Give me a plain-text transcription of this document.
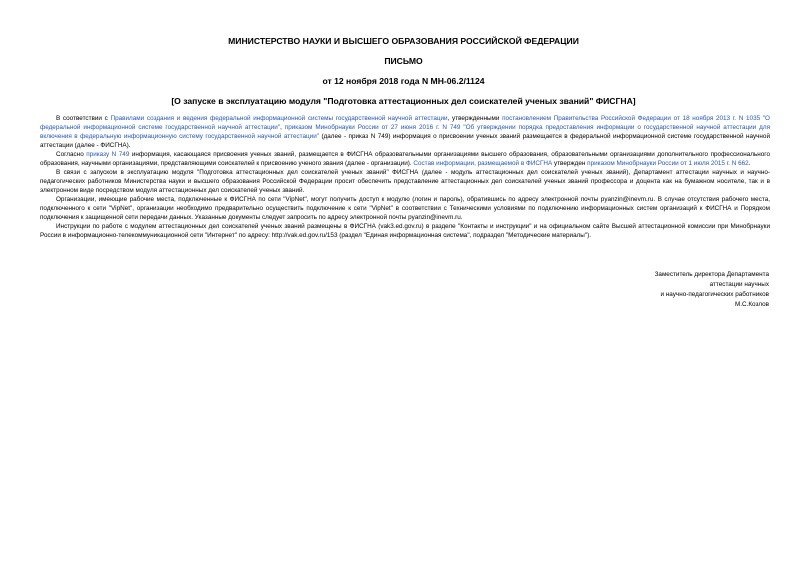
МИНИСТЕРСТВО НАУКИ И ВЫСШЕГО ОБРАЗОВАНИЯ РОССИЙСКОЙ ФЕДЕРАЦИИ
ПИСЬМО
от 12 ноября 2018 года N МН-06.2/1124
[О запуске в эксплуатацию модуля "Подготовка аттестационных дел соискателей ученых званий" ФИСГНА]

В соответствии с Правилами создания и ведения федеральной информационной системы государственной научной аттестации, утвержденными постановлением Правительства Российской Федерации от 18 ноября 2013 г. N 1035 "О федеральной информационной системе государственной научной аттестации", приказом Минобрнауки России от 27 июня 2016 г. N 749 "Об утверждении порядка предоставления информации о государственной научной аттестации для включения в федеральную информационную систему государственной научной аттестации" (далее - приказ N 749) информация о присвоении ученых званий размещается в федеральной информационной системе государственной научной аттестации (далее - ФИСГНА).

Согласно приказу N 749 информация, касающаяся присвоения ученых званий, размещается в ФИСГНА образовательными организациями высшего образования, образовательными организациями дополнительного профессионального образования, научными организациями, представляющими соискателей к присвоению ученого звания (далее - организации). Состав информации, размещаемой в ФИСГНА утвержден приказом Минобрнауки России от 1 июля 2015 г. N 662.

В связи с запуском в эксплуатацию модуля "Подготовка аттестационных дел соискателей ученых званий" ФИСГНА (далее - модуль аттестационных дел соискателей ученых званий), Департамент аттестации научных и научно-педагогических работников Министерства науки и высшего образования Российской Федерации просит обеспечить представление аттестационных дел соискателей ученых званий профессора и доцента как на бумажном носителе, так и в электронном виде посредством модуля аттестационных дел соискателей ученых званий.

Организации, имеющие рабочие места, подключенные к ФИСГНА по сети "VipNet", могут получить доступ к модулю (логин и пароль), обратившись по адресу электронной почты pyanzin@inevm.ru. В случае отсутствия рабочего места, подключенного к сети "VipNet", организации необходимо предварительно осуществить подключение к сети "VipNet" в соответствии с Техническими условиями по подключению информационных систем организаций к ФИСГНА и Порядком подключения к защищенной сети передачи данных. Указанные документы следует запросить по адресу электронной почты pyanzin@inevm.ru.

Инструкции по работе с модулем аттестационных дел соискателей ученых званий размещены в ФИСГНА (vak3.ed.gov.ru) в разделе "Контакты и инструкции" и на официальном сайте Высшей аттестационной комиссии при Минобрнауки России в информационно-телекоммуникационной сети "Интернет" по адресу: http://vak.ed.gov.ru/153 (раздел "Единая информационная система", подраздел "Методические материалы").

Заместитель директора Департамента
аттестации научных
и научно-педагогических работников
М.С.Козлов
